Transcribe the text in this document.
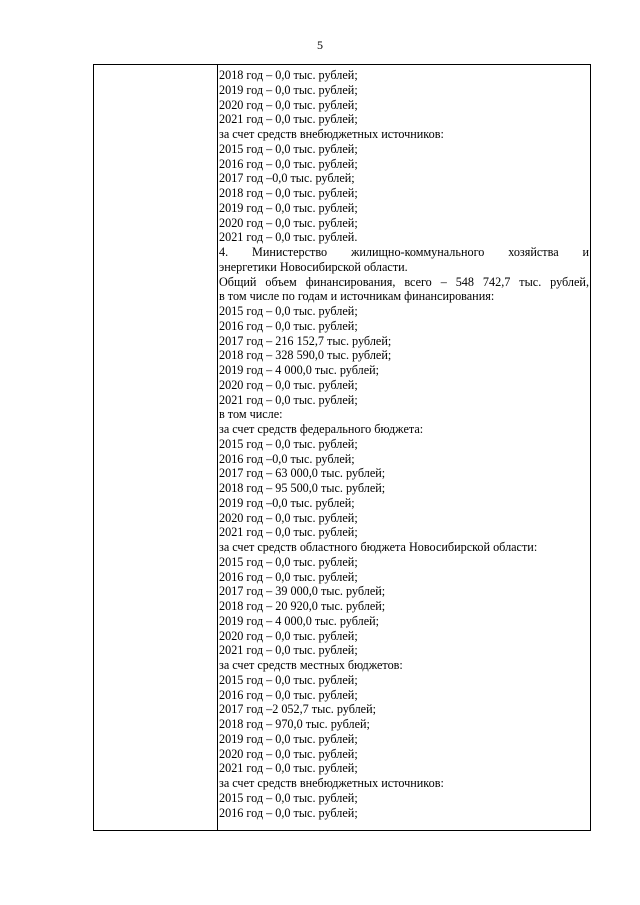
5
2018 год – 0,0 тыс. рублей;
2019 год – 0,0 тыс. рублей;
2020 год – 0,0 тыс. рублей;
2021 год – 0,0 тыс. рублей;
за счет средств внебюджетных источников:
2015 год – 0,0 тыс. рублей;
2016 год – 0,0 тыс. рублей;
2017 год –0,0 тыс. рублей;
2018 год – 0,0 тыс. рублей;
2019 год – 0,0 тыс. рублей;
2020 год – 0,0 тыс. рублей;
2021 год – 0,0 тыс. рублей.
4. Министерство жилищно-коммунального хозяйства и
энергетики Новосибирской области.
Общий объем финансирования, всего – 548 742,7 тыс. рублей,
в том числе по годам и источникам финансирования:
2015 год – 0,0 тыс. рублей;
2016 год – 0,0 тыс. рублей;
2017 год – 216 152,7 тыс. рублей;
2018 год – 328 590,0 тыс. рублей;
2019 год – 4 000,0 тыс. рублей;
2020 год – 0,0 тыс. рублей;
2021 год – 0,0 тыс. рублей;
в том числе:
за счет средств федерального бюджета:
2015 год – 0,0 тыс. рублей;
2016 год –0,0 тыс. рублей;
2017 год – 63 000,0 тыс. рублей;
2018 год – 95 500,0 тыс. рублей;
2019 год –0,0 тыс. рублей;
2020 год – 0,0 тыс. рублей;
2021 год – 0,0 тыс. рублей;
за счет средств областного бюджета Новосибирской области:
2015 год – 0,0 тыс. рублей;
2016 год – 0,0 тыс. рублей;
2017 год – 39 000,0 тыс. рублей;
2018 год – 20 920,0 тыс. рублей;
2019 год – 4 000,0 тыс. рублей;
2020 год – 0,0 тыс. рублей;
2021 год – 0,0 тыс. рублей;
за счет средств местных бюджетов:
2015 год – 0,0 тыс. рублей;
2016 год – 0,0 тыс. рублей;
2017 год –2 052,7 тыс. рублей;
2018 год – 970,0 тыс. рублей;
2019 год – 0,0 тыс. рублей;
2020 год – 0,0 тыс. рублей;
2021 год – 0,0 тыс. рублей;
за счет средств внебюджетных источников:
2015 год – 0,0 тыс. рублей;
2016 год – 0,0 тыс. рублей;
